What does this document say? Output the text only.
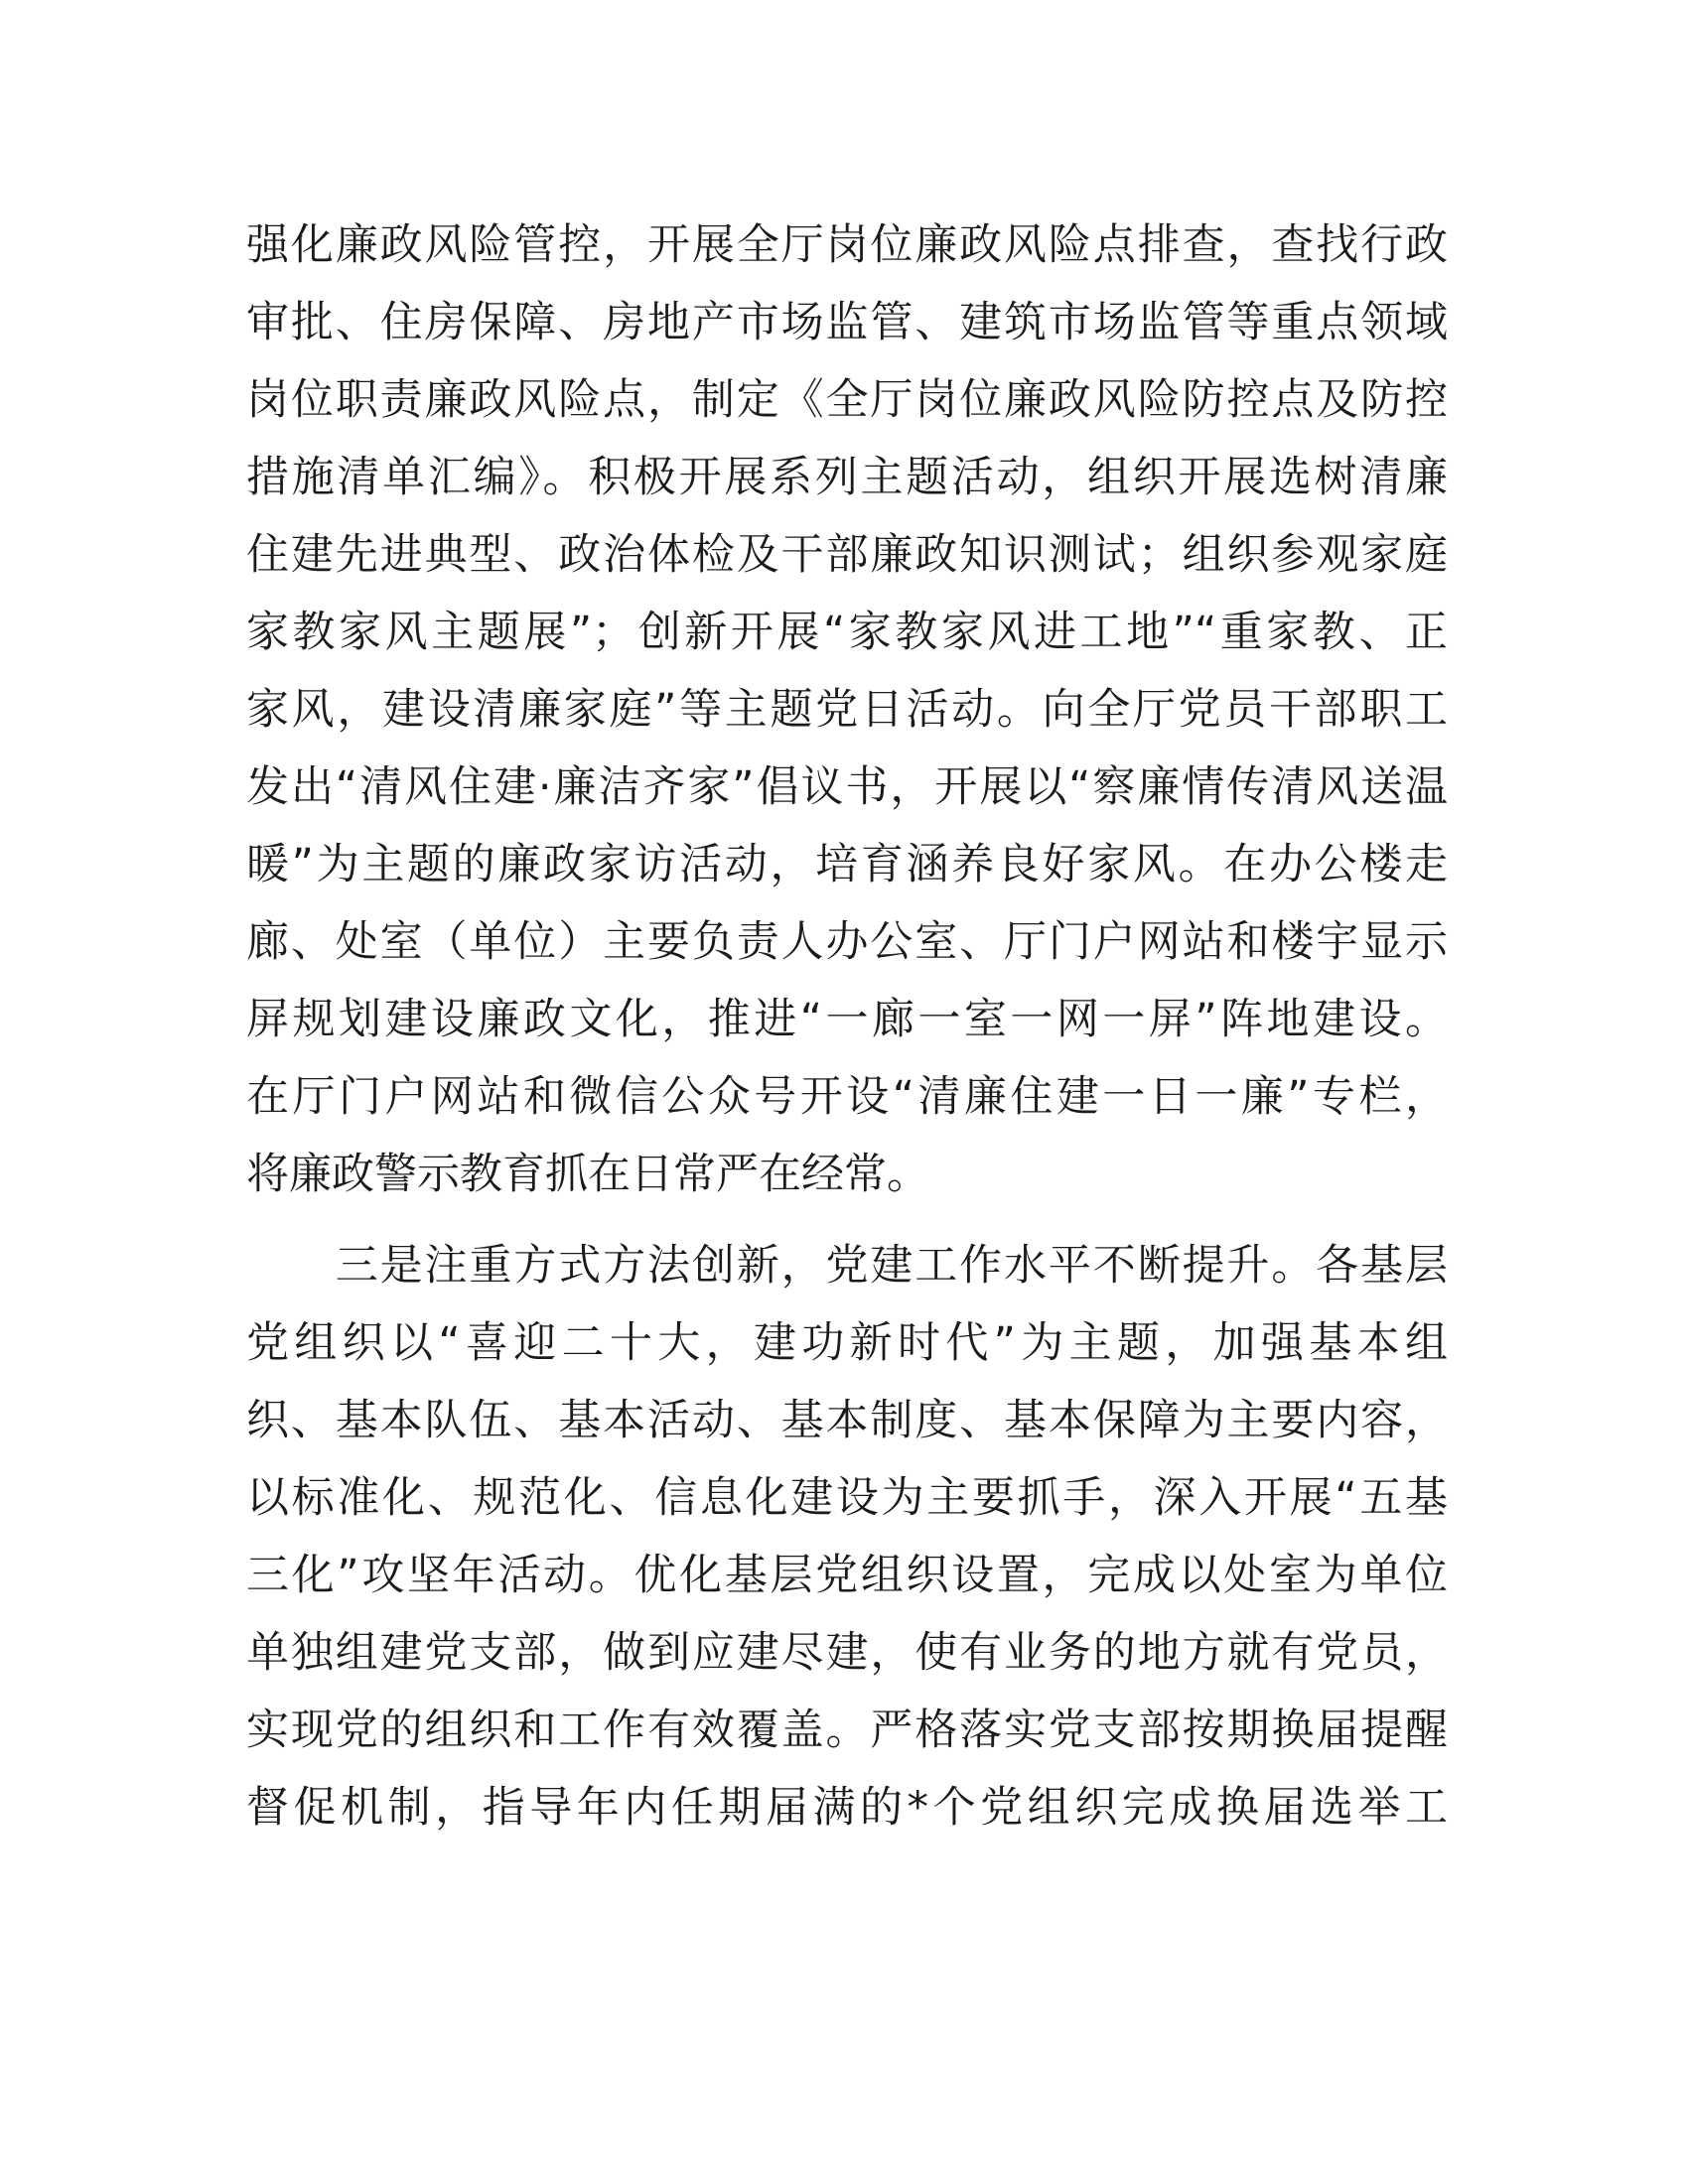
强化廉政风险管控，开展全厅岗位廉政风险点排查，查找行政
审批、住房保障、房地产市场监管、建筑市场监管等重点领域
岗位职责廉政风险点，制定《全厅岗位廉政风险防控点及防控
措施清单汇编》。积极开展系列主题活动，组织开展选树清廉
住建先进典型、政治体检及干部廉政知识测试；组织参观家庭
家教家风主题展”；创新开展“家教家风进工地”“重家教、正
家风，建设清廉家庭”等主题党日活动。向全厅党员干部职工
发出“清风住建·廉洁齐家”倡议书，开展以“察廉情传清风送温
暖”为主题的廉政家访活动，培育涵养良好家风。在办公楼走
廊、处室（单位）主要负责人办公室、厅门户网站和楼宇显示
屏规划建设廉政文化，推进“一廊一室一网一屏”阵地建设。
在厅门户网站和微信公众号开设“清廉住建一日一廉”专栏，
将廉政警示教育抓在日常严在经常。
　　三是注重方式方法创新，党建工作水平不断提升。各基层
党组织以“喜迎二十大，建功新时代”为主题，加强基本组
织、基本队伍、基本活动、基本制度、基本保障为主要内容，
以标准化、规范化、信息化建设为主要抓手，深入开展“五基
三化”攻坚年活动。优化基层党组织设置，完成以处室为单位
单独组建党支部，做到应建尽建，使有业务的地方就有党员，
实现党的组织和工作有效覆盖。严格落实党支部按期换届提醒
督促机制，指导年内任期届满的*个党组织完成换届选举工
